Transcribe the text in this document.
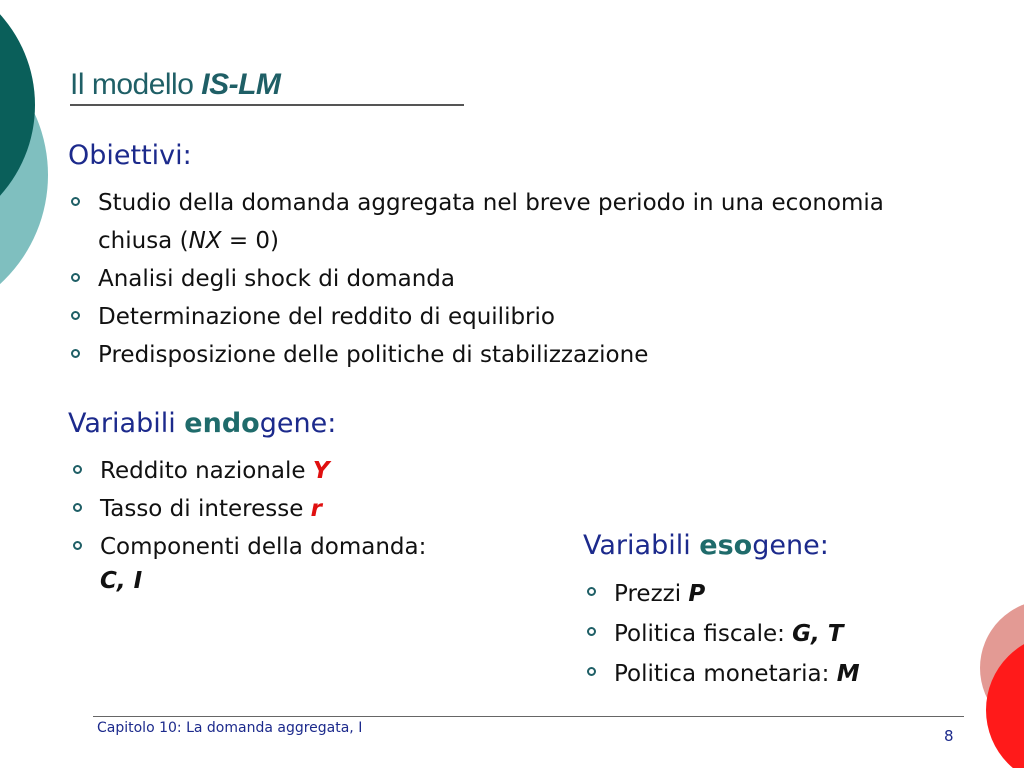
Il modello IS-LM
Obiettivi:
Studio della domanda aggregata nel breve periodo in una economia chiusa (NX = 0)
Analisi degli shock di domanda
Determinazione del reddito di equilibrio
Predisposizione delle politiche di stabilizzazione
Variabili endogene:
Reddito nazionale Y
Tasso di interesse r
Componenti della domanda:
C, I
Variabili esogene:
Prezzi P
Politica fiscale: G, T
Politica monetaria: M
Capitolo 10: La domanda aggregata, I	8
